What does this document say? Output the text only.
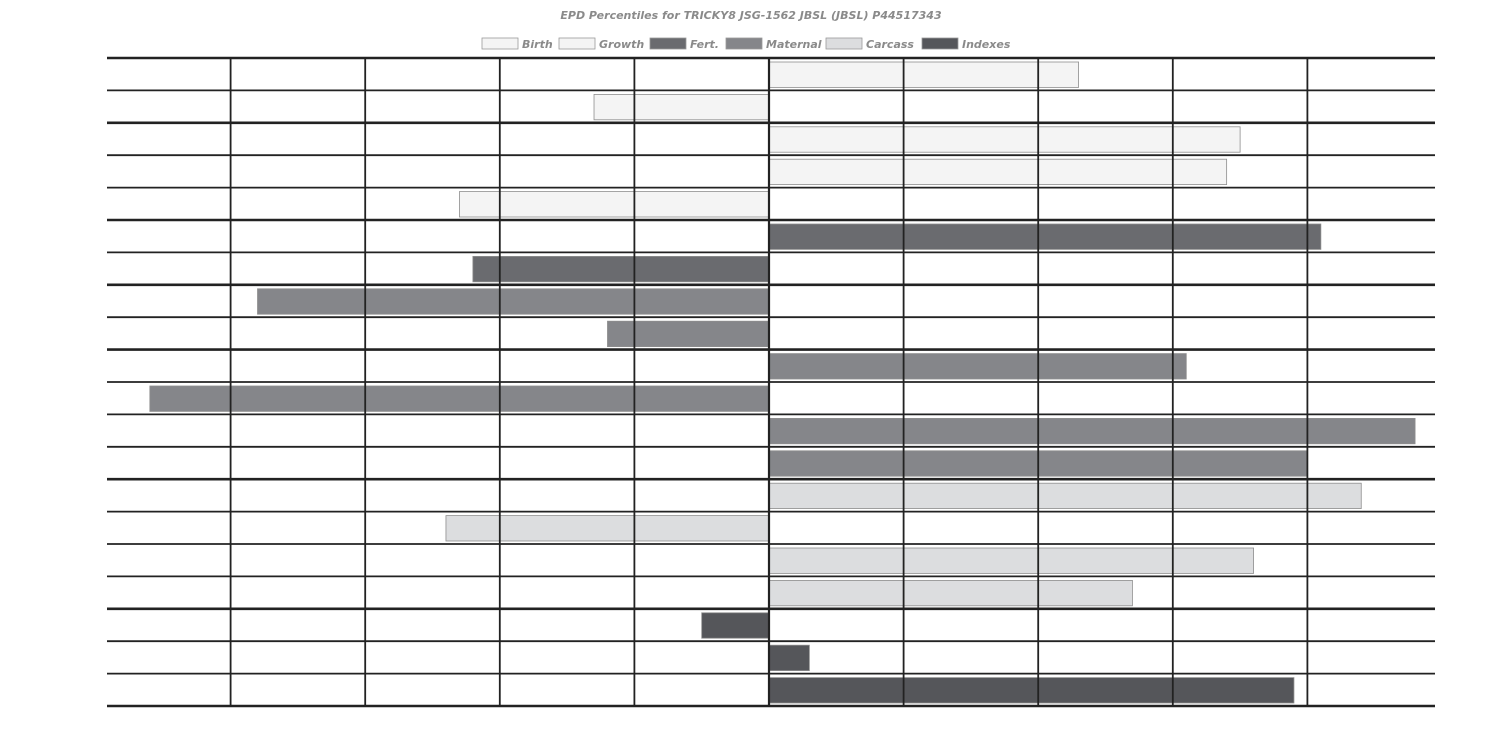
EPD Percentiles for TRICKY8 JSG-1562 JBSL (JBSL) P44517343
Birth	Growth	Fert.	Maternal	Carcass	Indexes
